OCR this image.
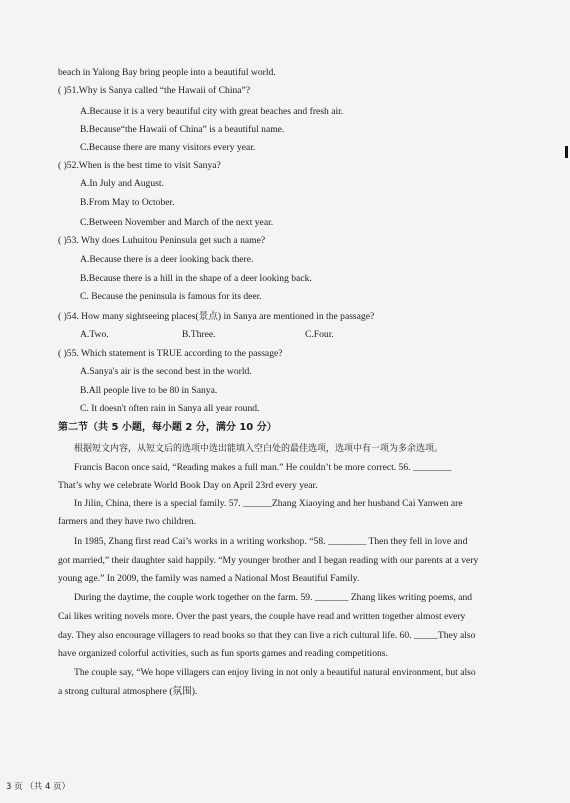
beach in Yalong Bay bring people into a beautiful world.
( )51.Why is Sanya called “the Hawaii of China”?
A.Because it is a very beautiful city with great beaches and fresh air.
B.Because“the Hawaii of China” is a beautiful name.
C.Because there are many visitors every year.
( )52.When is the best time to visit Sanya?
A.In July and August.
B.From May to October.
C.Between November and March of the next year.
( )53. Why does Luhuitou Peninsula get such a name?
A.Because there is a deer looking back there.
B.Because there is a hill in the shape of a deer looking back.
C. Because the peninsula is famous for its deer.
( )54. How many sightseeing places(景点) in Sanya are mentioned in the passage?
A.Two.	B.Three.	C.Four.
( )55. Which statement is TRUE according to the passage?
A.Sanya's air is the second best in the world.
B.All people live to be 80 in Sanya.
C. It doesn't often rain in Sanya all year round.
第二节（共 5 小题，每小题 2 分，满分 10 分）
根据短文内容，从短文后的选项中选出能填入空白处的最佳选项，选项中有一项为多余选项。
Francis Bacon once said, “Reading makes a full man.” He couldn’t be more correct. 56. ________
That’s why we celebrate World Book Day on April 23rd every year.
In Jilin, China, there is a special family. 57. ______Zhang Xiaoying and her husband Cai Yanwen are
farmers and they have two children.
In 1985, Zhang first read Cai’s works in a writing workshop. “58. ________ Then they fell in love and
got married,” their daughter said happily. “My younger brother and I began reading with our parents at a very
young age.” In 2009, the family was named a National Most Beautiful Family.
During the daytime, the couple work together on the farm. 59. _______ Zhang likes writing poems, and
Cai likes writing novels more. Over the past years, the couple have read and written together almost every
day. They also encourage villagers to read books so that they can live a rich cultural life. 60. _____They also
have organized colorful activities, such as fun sports games and reading competitions.
The couple say, “We hope villagers can enjoy living in not only a beautiful natural environment, but also
a strong cultural atmosphere (氛围).
3 页 （共 4 页）
